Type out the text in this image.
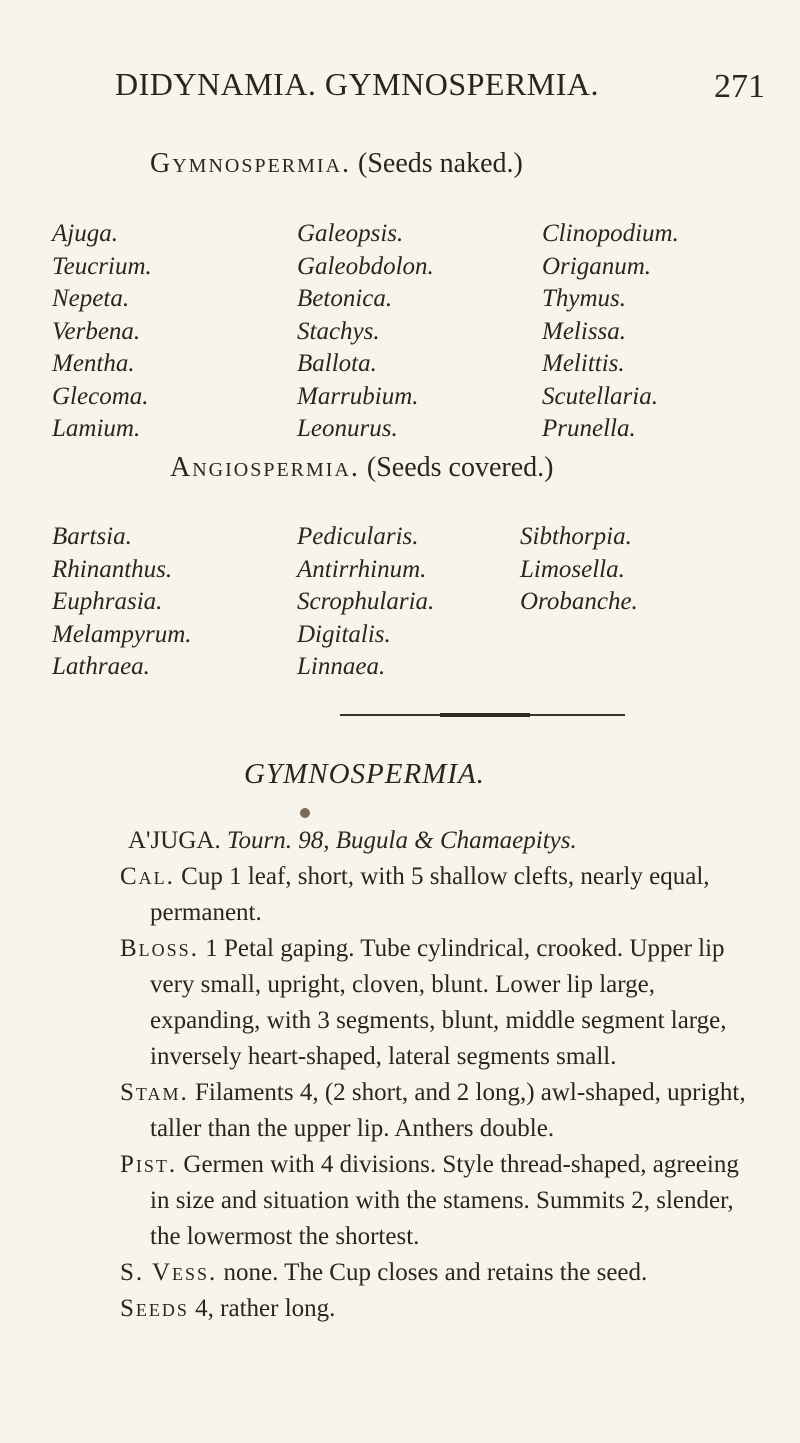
DIDYNAMIA. GYMNOSPERMIA.	271
Gymnospermia. (Seeds naked.)
Ajuga.
Teucrium.
Nepeta.
Verbena.
Mentha.
Glecoma.
Lamium.
Galeopsis.
Galeobdolon.
Betonica.
Stachys.
Ballota.
Marrubium.
Leonurus.
Clinopodium.
Origanum.
Thymus.
Melissa.
Melittis.
Scutellaria.
Prunella.
Angiospermia. (Seeds covered.)
Bartsia.
Rhinanthus.
Euphrasia.
Melampyrum.
Lathraea.
Pedicularis.
Antirrhinum.
Scrophularia.
Digitalis.
Linnaea.
Sibthorpia.
Limosella.
Orobanche.
GYMNOSPERMIA.

A'JUGA. Tourn. 98, Bugula & Chamaepitys.

Cal. Cup 1 leaf, short, with 5 shallow clefts, nearly equal, permanent.

Bloss. 1 Petal gaping. Tube cylindrical, crooked. Upper lip very small, upright, cloven, blunt. Lower lip large, expanding, with 3 segments, blunt, middle segment large, inversely heart-shaped, lateral segments small.

Stam. Filaments 4, (2 short, and 2 long,) awl-shaped, upright, taller than the upper lip. Anthers double.

Pist. Germen with 4 divisions. Style thread-shaped, agreeing in size and situation with the stamens. Summits 2, slender, the lowermost the shortest.

S. Vess. none. The Cup closes and retains the seed.

Seeds 4, rather long.
